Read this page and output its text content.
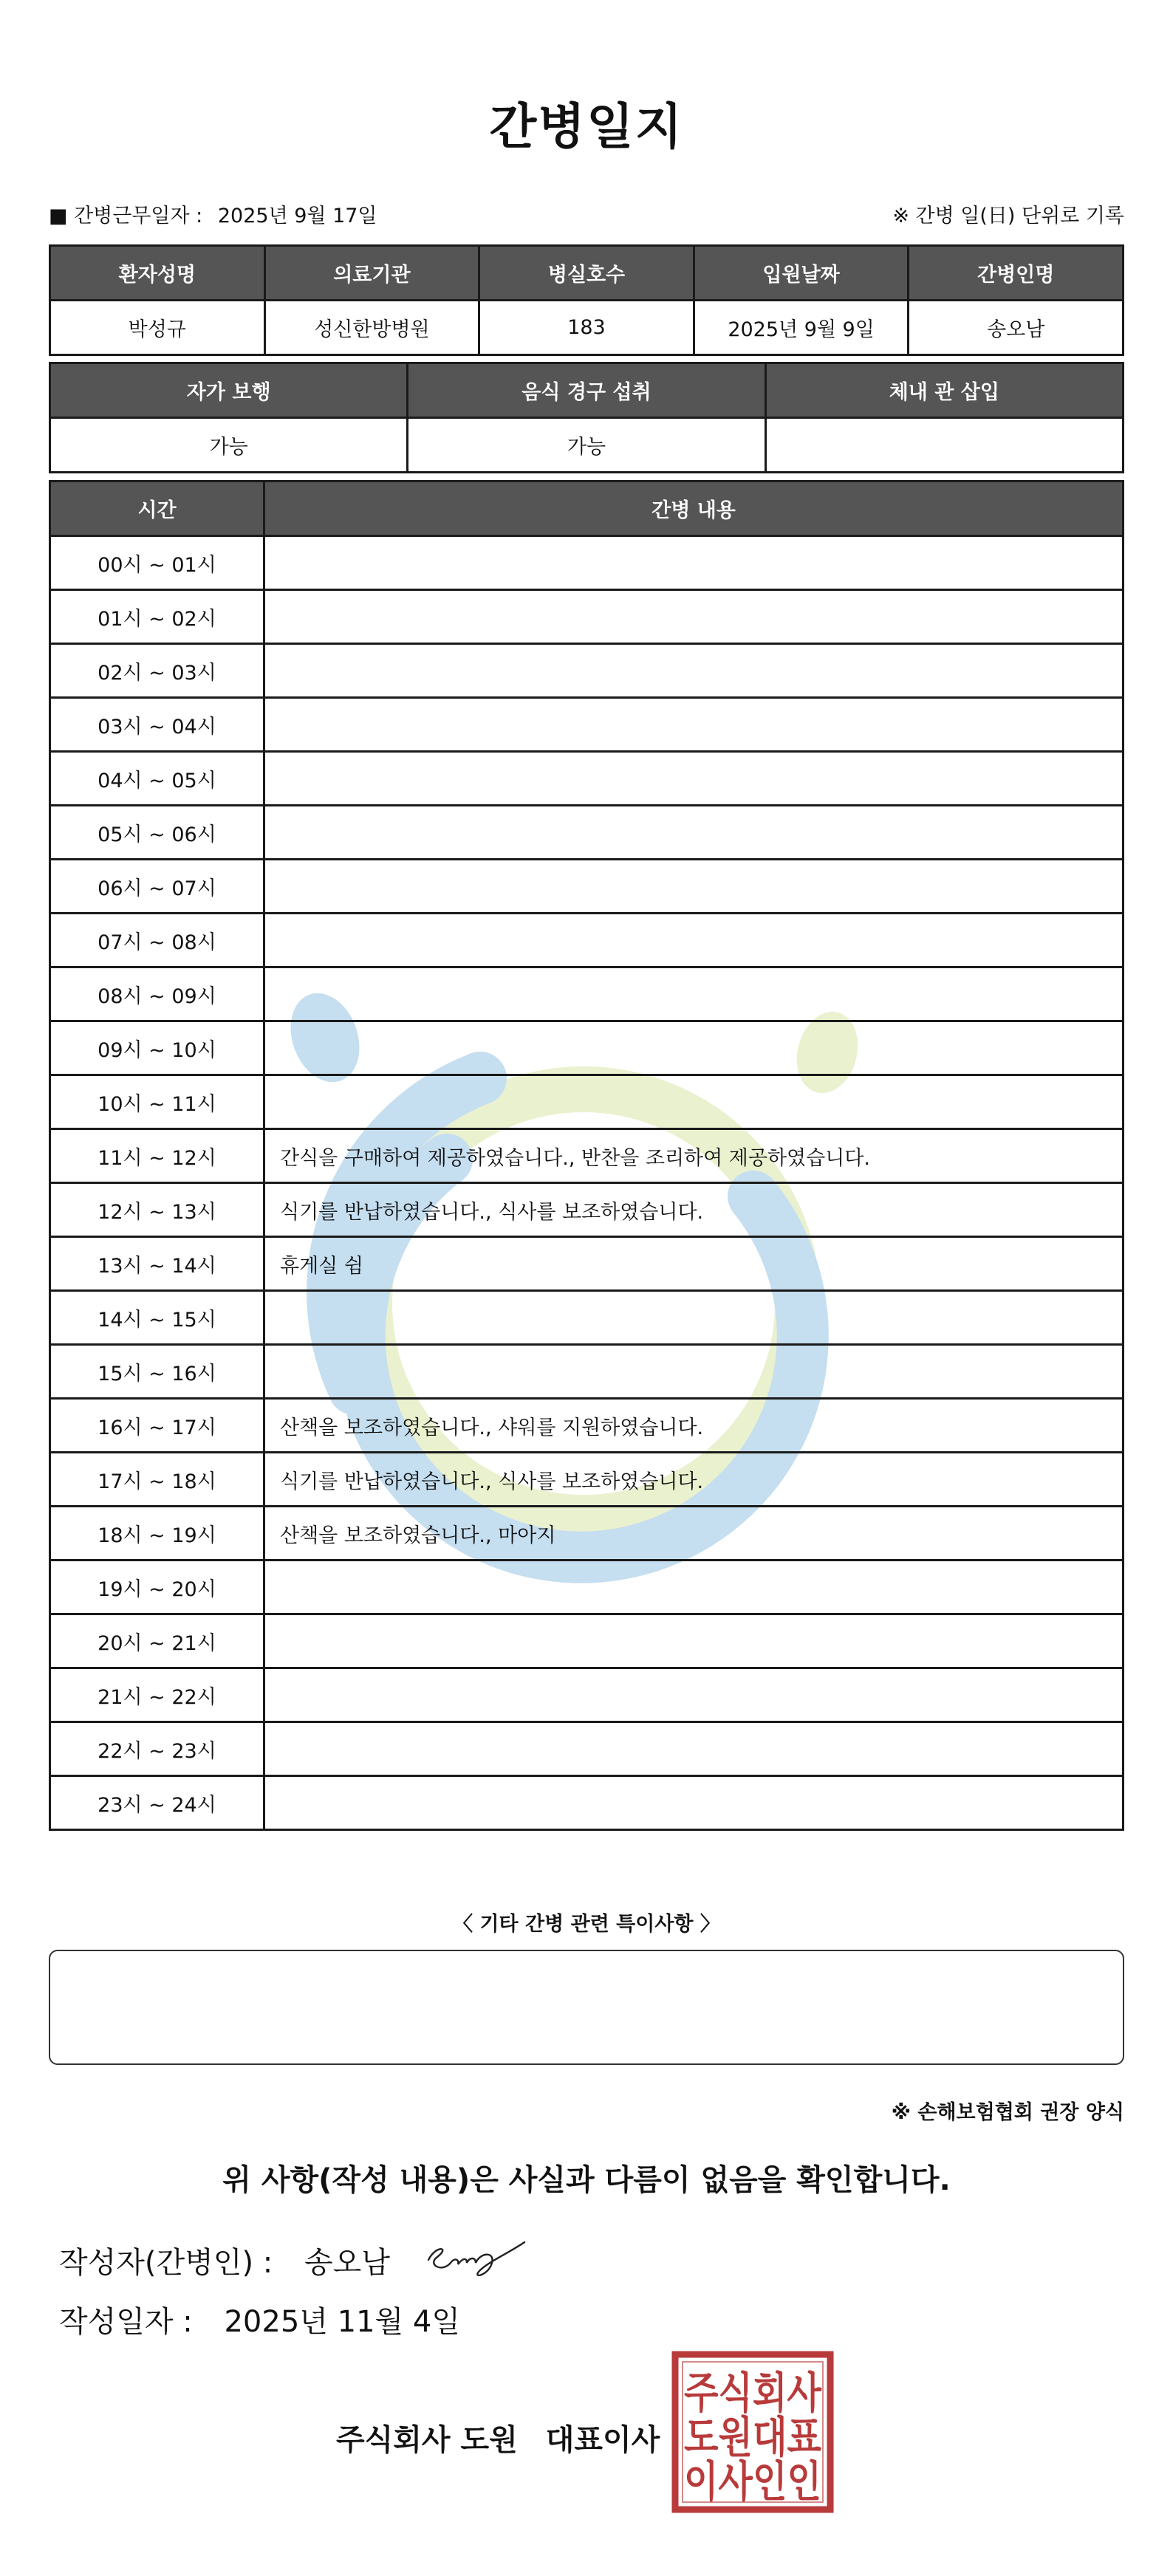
간병일지
■ 간병근무일자 : 2025년 9월 17일	※ 간병 일(日) 단위로 기록
환자성명	의료기관	병실호수	입원날짜	간병인명
박성규	성신한방병원	183	2025년 9월 9일	송오남
자가 보행	음식 경구 섭취	체내 관 삽입
가능	가능	
시간	간병 내용
00시 ~ 01시	
01시 ~ 02시	
02시 ~ 03시	
03시 ~ 04시	
04시 ~ 05시	
05시 ~ 06시	
06시 ~ 07시	
07시 ~ 08시	
08시 ~ 09시	
09시 ~ 10시	
10시 ~ 11시	
11시 ~ 12시	간식을 구매하여 제공하였습니다., 반찬을 조리하여 제공하였습니다.
12시 ~ 13시	식기를 반납하였습니다., 식사를 보조하였습니다.
13시 ~ 14시	휴게실 쉼
14시 ~ 15시	
15시 ~ 16시	
16시 ~ 17시	산책을 보조하였습니다., 샤워를 지원하였습니다.
17시 ~ 18시	식기를 반납하였습니다., 식사를 보조하였습니다.
18시 ~ 19시	산책을 보조하였습니다., 마아지
19시 ~ 20시	
20시 ~ 21시	
21시 ~ 22시	
22시 ~ 23시	
23시 ~ 24시	
〈 기타 간병 관련 특이사항 〉
※ 손해보험협회 권장 양식
위 사항(작성 내용)은 사실과 다름이 없음을 확인합니다.
작성자(간병인) : 송오남
작성일자 : 2025년 11월 4일
주식회사 도원 대표이사
주식회사
도원대표
이사인인
